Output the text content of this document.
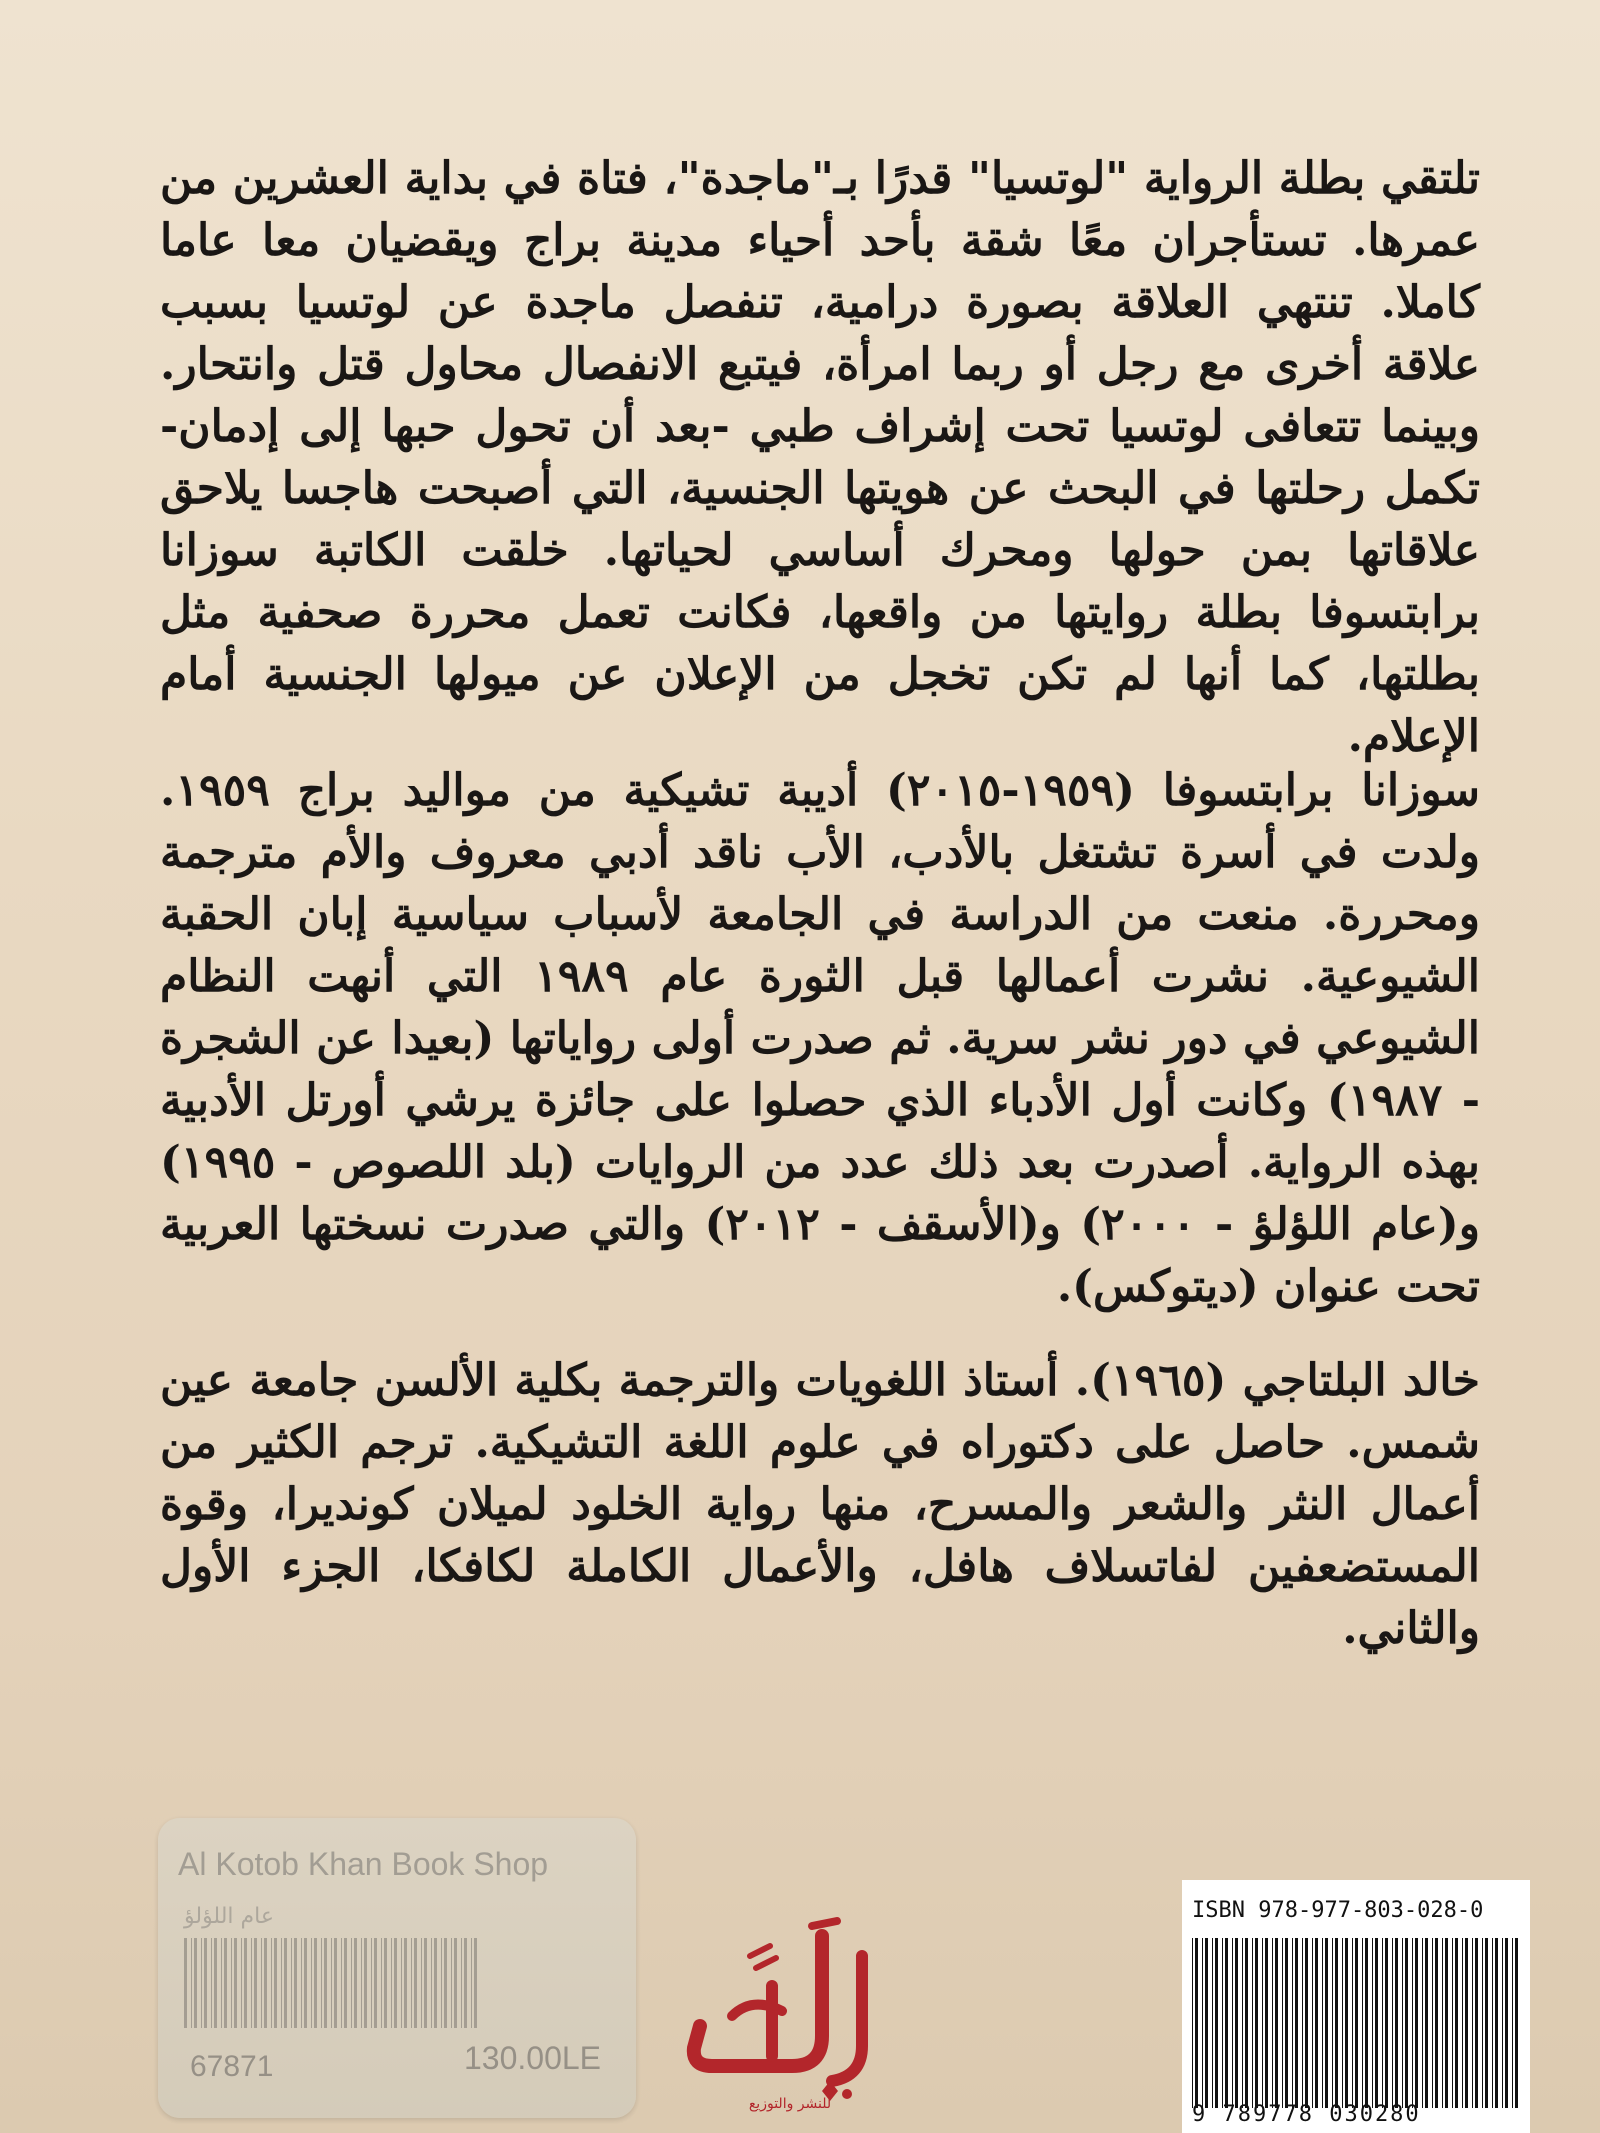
تلتقي بطلة الرواية "لوتسيا" قدرًا بـ"ماجدة"، فتاة في بداية العشرين من عمرها. تستأجران معًا شقة بأحد أحياء مدينة براج ويقضيان معا عاما كاملا. تنتهي العلاقة بصورة درامية، تنفصل ماجدة عن لوتسيا بسبب علاقة أخرى مع رجل أو ربما امرأة، فيتبع الانفصال محاول قتل وانتحار. وبينما تتعافى لوتسيا تحت إشراف طبي -بعد أن تحول حبها إلى إدمان- تكمل رحلتها في البحث عن هويتها الجنسية، التي أصبحت هاجسا يلاحق علاقاتها بمن حولها ومحرك أساسي لحياتها. خلقت الكاتبة سوزانا برابتسوفا بطلة روايتها من واقعها، فكانت تعمل محررة صحفية مثل بطلتها، كما أنها لم تكن تخجل من الإعلان عن ميولها الجنسية أمام الإعلام.

سوزانا برابتسوفا (١٩٥٩-٢٠١٥) أديبة تشيكية من مواليد براج ١٩٥٩. ولدت في أسرة تشتغل بالأدب، الأب ناقد أدبي معروف والأم مترجمة ومحررة. منعت من الدراسة في الجامعة لأسباب سياسية إبان الحقبة الشيوعية. نشرت أعمالها قبل الثورة عام ١٩٨٩ التي أنهت النظام الشيوعي في دور نشر سرية. ثم صدرت أولى رواياتها (بعيدا عن الشجرة - ١٩٨٧) وكانت أول الأدباء الذي حصلوا على جائزة يرشي أورتل الأدبية بهذه الرواية. أصدرت بعد ذلك عدد من الروايات (بلد اللصوص - ١٩٩٥) و(عام اللؤلؤ - ٢٠٠٠) و(الأسقف - ٢٠١٢) والتي صدرت نسختها العربية تحت عنوان (ديتوكس).

خالد البلتاجي (١٩٦٥). أستاذ اللغويات والترجمة بكلية الألسن جامعة عين شمس. حاصل على دكتوراه في علوم اللغة التشيكية. ترجم الكثير من أعمال النثر والشعر والمسرح، منها رواية الخلود لميلان كونديرا، وقوة المستضعفين لفاتسلاف هافل، والأعمال الكاملة لكافكا، الجزء الأول والثاني.

Al Kotob Khan Book Shop
عام اللؤلؤ
67871	130.00LE
للنشر والتوزيع
ISBN 978-977-803-028-0
9 789778 030280
